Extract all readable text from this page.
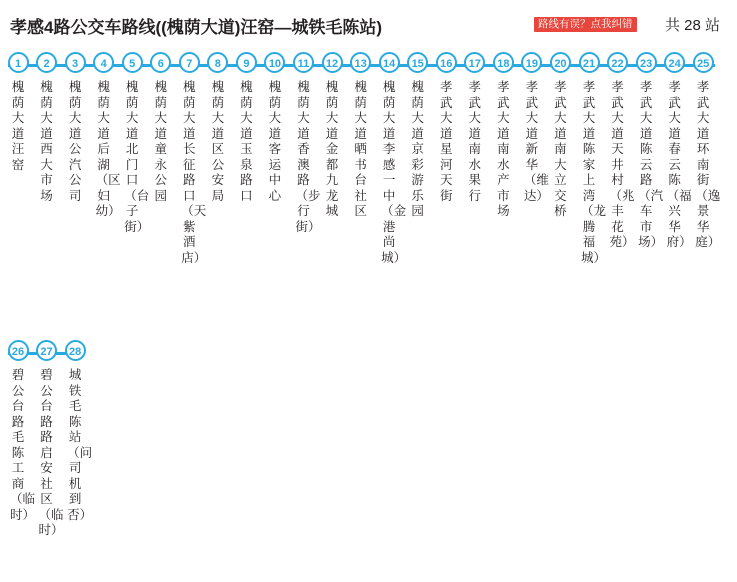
孝感4路公交车路线((槐荫大道)汪窑—城铁毛陈站)	路线有误？点我纠错 共 28 站
1
槐荫大道汪窑
2
槐荫大道西大市场
3
槐荫大道公汽公司
4
槐荫大道后湖（区妇幼）
5
槐荫大道北门口（台子街）
6
槐荫大道童永公园
7
槐荫大道长征路口（天紫酒店）
8
槐荫大道区公安局
9
槐荫大道玉泉路口
10
槐荫大道客运中心
11
槐荫大道香澳路（步行街）
12
槐荫大道金都九龙城
13
槐荫大道晒书台社区
14
槐荫大道李感一中（金港尚城）
15
槐荫大道京彩游乐园
16
孝武大道星河天街
17
孝武大道南水果行
18
孝武大道南水产市场
19
孝武大道新华（维达）
20
孝武大道南大立交桥
21
孝武大道陈家上湾（龙腾福城）
22
孝武大道天井村（兆丰花苑）
23
孝武大道陈云路（汽车市场）
24
孝武大道春云陈（福兴华府）
25
孝武大道环南街（逸景华庭）
26
碧公台路毛陈工商（临时）
27
碧公台路路启安社区（临时）
28
城铁毛陈站（问司机到否）
